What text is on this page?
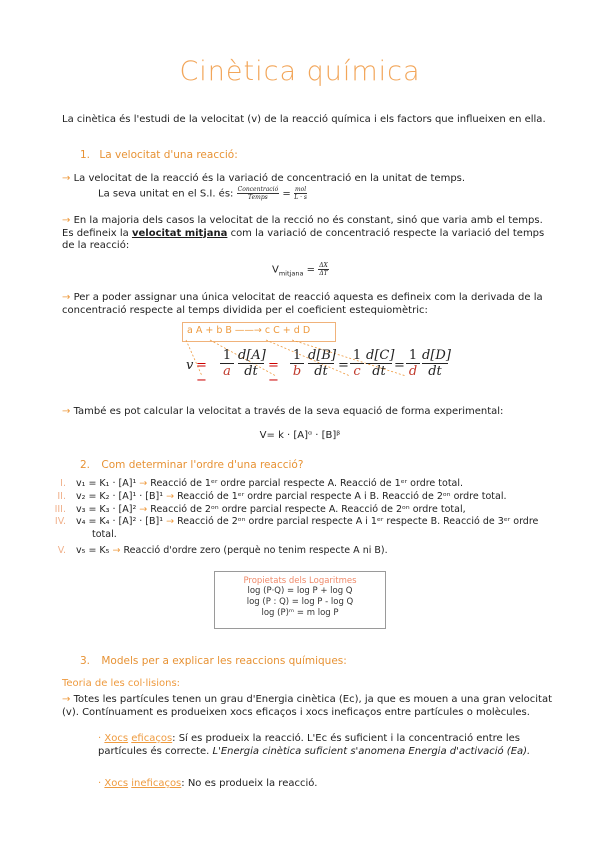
Cinètica química
La cinètica és l'estudi de la velocitat (v) de la reacció química i els factors que influeixen en ella.
1. La velocitat d'una reacció:
→ La velocitat de la reacció és la variació de concentració en la unitat de temps.
La seva unitat en el S.I. és: $\frac{\text{Concentració}}{\text{Temps}} = \frac{\text{mol}}{L \cdot s}$
→ En la majoria dels casos la velocitat de la recció no és constant, sinó que varia amb el temps. Es defineix la velocitat mitjana com la variació de concentració respecte la variació del temps de la reacció:
$V_{mitjana} = \frac{\Delta X}{\Delta T}$
→ Per a poder assignar una única velocitat de reacció aquesta es defineix com la derivada de la concentració respecte al temps dividida per el coeficient estequiomètric:
a A + b B ——→ c C + d D
v = −
1
a
d[A]
dt = −
1
b
d[B]
dt =
1
c
d[C]
dt =
1
d
d[D]
dt
→ També es pot calcular la velocitat a través de la seva equació de forma experimental:
V= k · [A]ᵅ · [B]ᵝ
2. Com determinar l'ordre d'una reacció?
I. v₁ = K₁ · [A]¹ → Reacció de 1ᵉʳ ordre parcial respecte A. Reacció de 1ᵉʳ ordre total.
II. v₂ = K₂ · [A]¹ · [B]¹ → Reacció de 1ᵉʳ ordre parcial respecte A i B. Reacció de 2ᵒⁿ ordre total.
III. v₃ = K₃ · [A]² → Reacció de 2ᵒⁿ ordre parcial respecte A. Reacció de 2ᵒⁿ ordre total,
IV. v₄ = K₄ · [A]² · [B]¹ → Reacció de 2ᵒⁿ ordre parcial respecte A i 1ᵉʳ respecte B. Reacció de 3ᵉʳ ordre total.
V. v₅ = K₅ → Reacció d'ordre zero (perquè no tenim respecte A ni B).
Propietats dels Logaritmes
log (P·Q) = log P + log Q
log (P : Q) = log P - log Q
log (P)ᵐ = m log P
3. Models per a explicar les reaccions químiques:
Teoria de les col·lisions:
→ Totes les partícules tenen un grau d'Energia cinètica (Ec), ja que es mouen a una gran velocitat (v). Contínuament es produeixen xocs eficaços i xocs ineficaços entre partícules o molècules.
· Xocs eficaços: Sí es produeix la reacció. L'Ec és suficient i la concentració entre les partícules és correcte. L'Energia cinètica suficient s'anomena Energia d'activació (Ea).
· Xocs ineficaços: No es produeix la reacció.
